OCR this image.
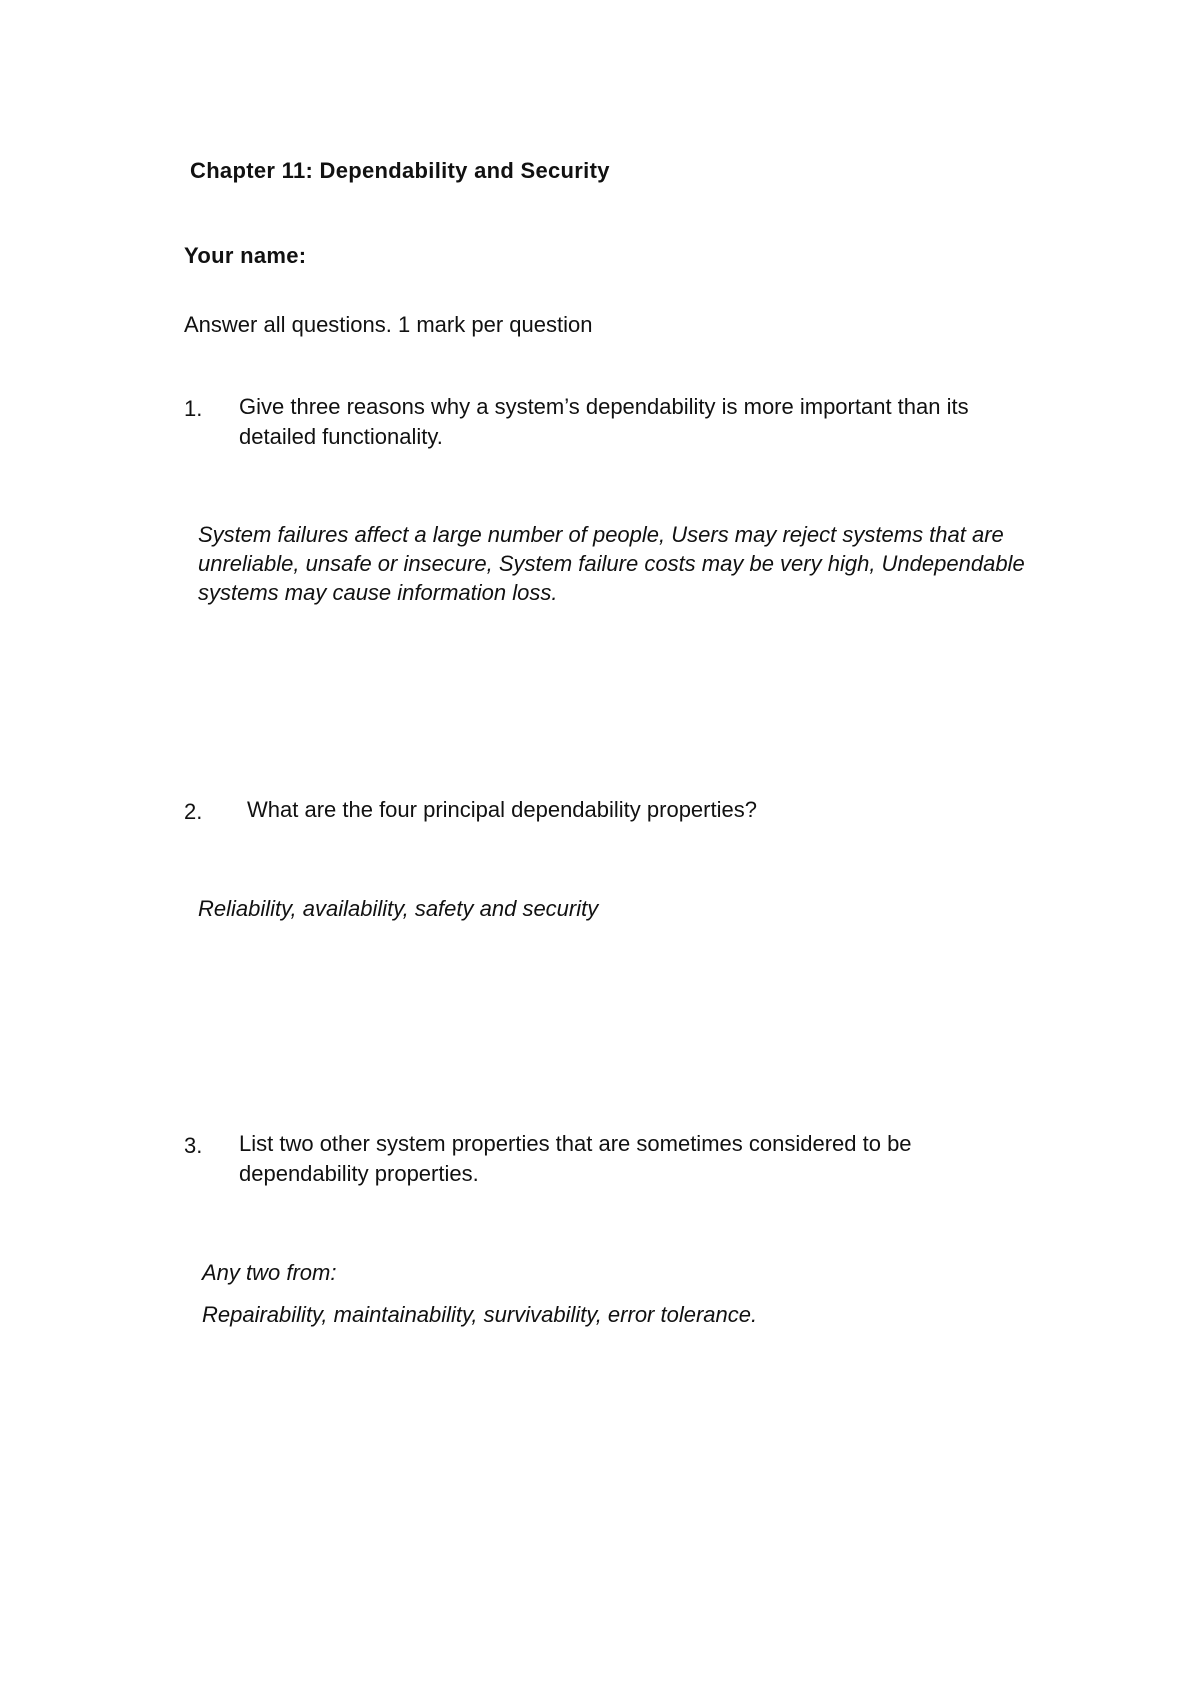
Chapter 11: Dependability and Security
Your name:
Answer all questions. 1 mark per question
1. Give three reasons why a system’s dependability is more important than its detailed functionality.
System failures affect a large number of people, Users may reject systems that are unreliable, unsafe or insecure, System failure costs may be very high, Undependable systems may cause information loss.
2. What are the four principal dependability properties?
Reliability, availability, safety and security
3. List two other system properties that are sometimes considered to be dependability properties.
Any two from:
Repairability, maintainability, survivability, error tolerance.
